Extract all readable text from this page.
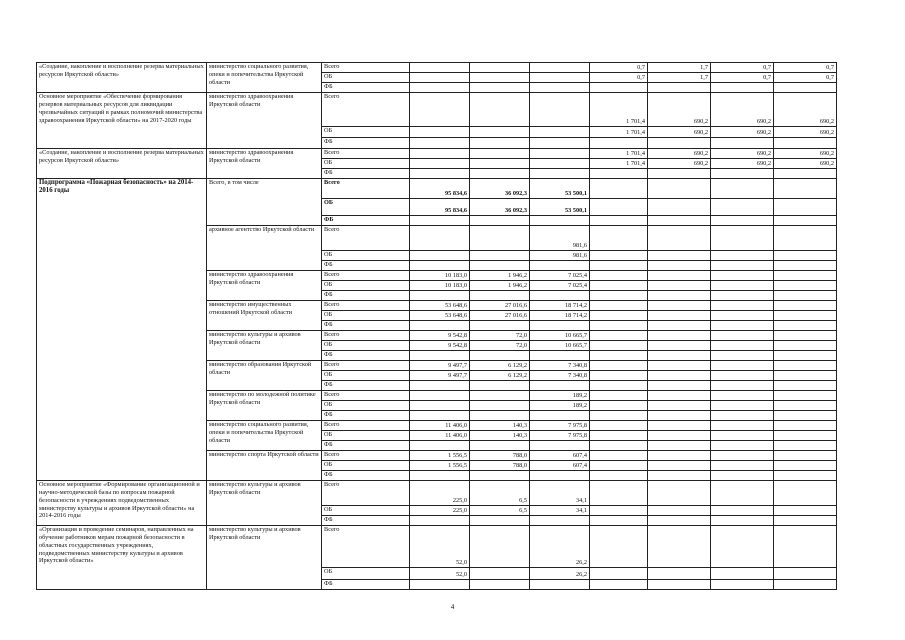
«Создание, накопление и восполнение резерва материальных ресурсов Иркутской области»	министерство социального развития, опеки и попечительства Иркутской области	Всего				0,7	1,7	0,7	0,7
		ОБ				0,7	1,7	0,7	0,7
		ФБ							
Основное мероприятие «Обеспечение формирования резервов материальных ресурсов для ликвидации чрезвычайных ситуаций в рамках полномочий министерства здравоохранения Иркутской области» на 2017-2020 годы	министерство здравоохранения Иркутской области	Всего				1 701,4	690,2	690,2	690,2
		ОБ				1 701,4	690,2	690,2	690,2
		ФБ							
«Создание, накопление и восполнение резерва материальных ресурсов Иркутской области»	министерство здравоохранения Иркутской области	Всего				1 701,4	690,2	690,2	690,2
		ОБ				1 701,4	690,2	690,2	690,2
		ФБ							
Подпрограмма «Пожарная безопасность» на 2014-2016 годы	Всего, в том числе	Всего	95 834,6	36 092,3	53 500,1				
		ОБ	95 834,6	36 092,3	53 500,1				
		ФБ							
	архивное агентство Иркутской области	Всего			981,6				
		ОБ			981,6				
		ФБ							
	министерство здравоохранения Иркутской области	Всего	10 183,0	1 946,2	7 025,4				
		ОБ	10 183,0	1 946,2	7 025,4				
		ФБ							
	министерство имущественных отношений Иркутской области	Всего	53 648,6	27 016,6	18 714,2				
		ОБ	53 648,6	27 016,6	18 714,2				
		ФБ							
	министерство культуры и архивов Иркутской области	Всего	9 542,8	72,0	10 665,7				
		ОБ	9 542,8	72,0	10 665,7				
		ФБ							
	министерство образования Иркутской области	Всего	9 497,7	6 129,2	7 340,8				
		ОБ	9 497,7	6 129,2	7 340,8				
		ФБ							
	министерство по молодежной политике Иркутской области	Всего			189,2				
		ОБ			189,2				
		ФБ							
	министерство социального развития, опеки и попечительства Иркутской области	Всего	11 406,0	140,3	7 975,8				
		ОБ	11 406,0	140,3	7 975,8				
		ФБ							
	министерство спорта Иркутской области	Всего	1 556,5	788,0	607,4				
		ОБ	1 556,5	788,0	607,4				
		ФБ							
Основное мероприятие «Формирование организационной и научно-методической базы по вопросам пожарной безопасности в учреждениях подведомственных министерству культуры и архивов Иркутской области» на 2014-2016 годы	министерство культуры и архивов Иркутской области	Всего	225,0	6,5	34,1				
		ОБ	225,0	6,5	34,1				
		ФБ							
«Организация и проведение семинаров, направленных на обучение работников мерам пожарной безопасности в областных государственных учреждениях, подведомственных министерству культуры и архивов Иркутской области»	министерство культуры и архивов Иркутской области	Всего	52,0		26,2				
		ОБ	52,0		26,2				
		ФБ							
4
